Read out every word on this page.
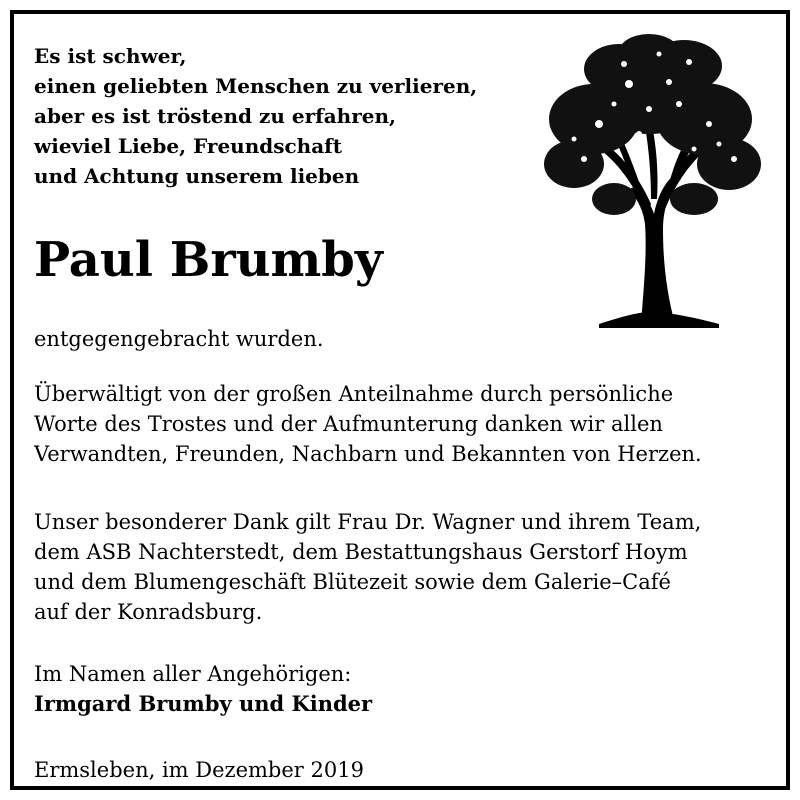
Es ist schwer,
einen geliebten Menschen zu verlieren,
aber es ist tröstend zu erfahren,
wieviel Liebe, Freundschaft
und Achtung unserem lieben
Paul Brumby
entgegengebracht wurden.
Überwältigt von der großen Anteilnahme durch persönliche
Worte des Trostes und der Aufmunterung danken wir allen
Verwandten, Freunden, Nachbarn und Bekannten von Herzen.
Unser besonderer Dank gilt Frau Dr. Wagner und ihrem Team,
dem ASB Nachterstedt, dem Bestattungshaus Gerstorf Hoym
und dem Blumengeschäft Blütezeit sowie dem Galerie–Café
auf der Konradsburg.
Im Namen aller Angehörigen:
Irmgard Brumby und Kinder
Ermsleben, im Dezember 2019
